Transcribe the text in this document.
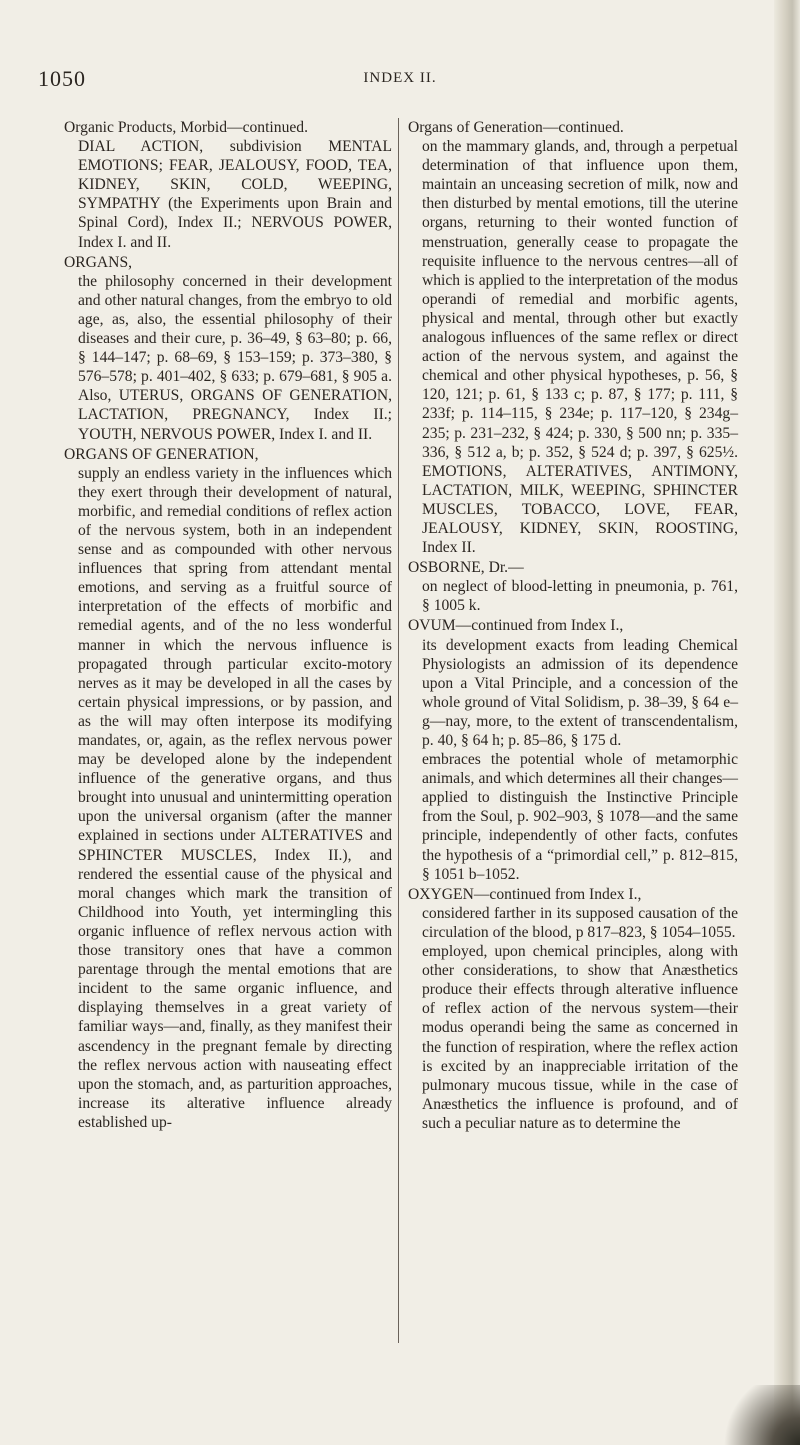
1050	INDEX II.

Organic Products, Morbid—continued.

DIAL ACTION, subdivision MENTAL EMOTIONS; FEAR, JEALOUSY, FOOD, TEA, KIDNEY, SKIN, COLD, WEEPING, SYMPATHY (the Experiments upon Brain and Spinal Cord), Index II.; NERVOUS POWER, Index I. and II.

ORGANS,

the philosophy concerned in their development and other natural changes, from the embryo to old age, as, also, the essential philosophy of their diseases and their cure, p. 36–49, § 63–80; p. 66, § 144–147; p. 68–69, § 153–159; p. 373–380, § 576–578; p. 401–402, § 633; p. 679–681, § 905 a. Also, UTERUS, ORGANS OF GENERATION, LACTATION, PREGNANCY, Index II.; YOUTH, NERVOUS POWER, Index I. and II.

ORGANS OF GENERATION,

supply an endless variety in the influences which they exert through their development of natural, morbific, and remedial conditions of reflex action of the nervous system, both in an independent sense and as compounded with other nervous influences that spring from attendant mental emotions, and serving as a fruitful source of interpretation of the effects of morbific and remedial agents, and of the no less wonderful manner in which the nervous influence is propagated through particular excito-motory nerves as it may be developed in all the cases by certain physical impressions, or by passion, and as the will may often interpose its modifying mandates, or, again, as the reflex nervous power may be developed alone by the independent influence of the generative organs, and thus brought into unusual and unintermitting operation upon the universal organism (after the manner explained in sections under ALTERATIVES and SPHINCTER MUSCLES, Index II.), and rendered the essential cause of the physical and moral changes which mark the transition of Childhood into Youth, yet intermingling this organic influence of reflex nervous action with those transitory ones that have a common parentage through the mental emotions that are incident to the same organic influence, and displaying themselves in a great variety of familiar ways—and, finally, as they manifest their ascendency in the pregnant female by directing the reflex nervous action with nauseating effect upon the stomach, and, as parturition approaches, increase its alterative influence already established up-

Organs of Generation—continued.

on the mammary glands, and, through a perpetual determination of that influence upon them, maintain an unceasing secretion of milk, now and then disturbed by mental emotions, till the uterine organs, returning to their wonted function of menstruation, generally cease to propagate the requisite influence to the nervous centres—all of which is applied to the interpretation of the modus operandi of remedial and morbific agents, physical and mental, through other but exactly analogous influences of the same reflex or direct action of the nervous system, and against the chemical and other physical hypotheses, p. 56, § 120, 121; p. 61, § 133 c; p. 87, § 177; p. 111, § 233f; p. 114–115, § 234e; p. 117–120, § 234g–235; p. 231–232, § 424; p. 330, § 500 nn; p. 335–336, § 512 a, b; p. 352, § 524 d; p. 397, § 625½. EMOTIONS, ALTERATIVES, ANTIMONY, LACTATION, MILK, WEEPING, SPHINCTER MUSCLES, TOBACCO, LOVE, FEAR, JEALOUSY, KIDNEY, SKIN, ROOSTING, Index II.

OSBORNE, Dr.—

on neglect of blood-letting in pneumonia, p. 761, § 1005 k.

OVUM—continued from Index I.,

its development exacts from leading Chemical Physiologists an admission of its dependence upon a Vital Principle, and a concession of the whole ground of Vital Solidism, p. 38–39, § 64 e–g—nay, more, to the extent of transcendentalism, p. 40, § 64 h; p. 85–86, § 175 d.

embraces the potential whole of metamorphic animals, and which determines all their changes—applied to distinguish the Instinctive Principle from the Soul, p. 902–903, § 1078—and the same principle, independently of other facts, confutes the hypothesis of a “primordial cell,” p. 812–815, § 1051 b–1052.

OXYGEN—continued from Index I.,

considered farther in its supposed causation of the circulation of the blood, p 817–823, § 1054–1055.

employed, upon chemical principles, along with other considerations, to show that Anæsthetics produce their effects through alterative influence of reflex action of the nervous system—their modus operandi being the same as concerned in the function of respiration, where the reflex action is excited by an inappreciable irritation of the pulmonary mucous tissue, while in the case of Anæsthetics the influence is profound, and of such a peculiar nature as to determine the
